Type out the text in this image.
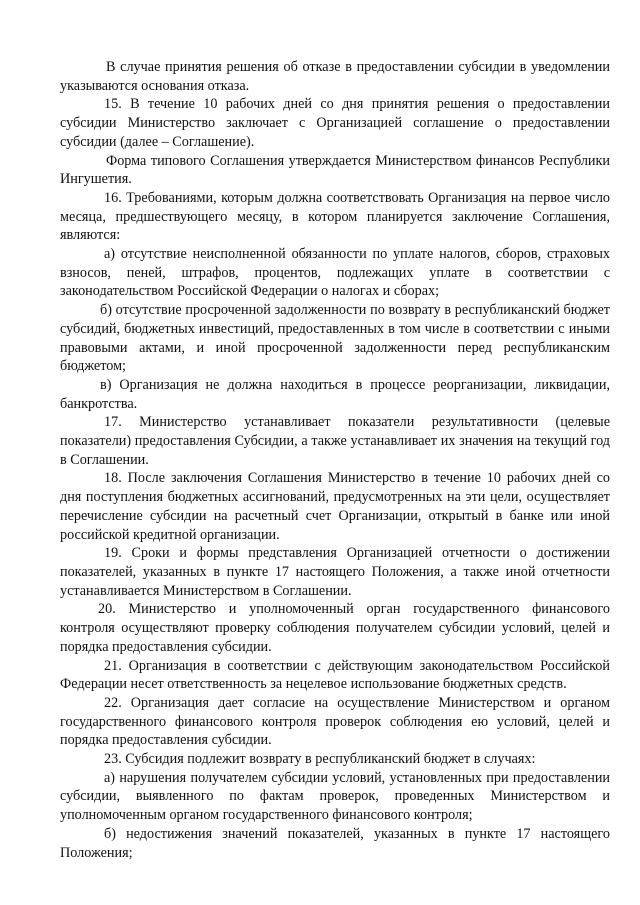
В случае принятия решения об отказе в предоставлении субсидии в уведомлении указываются основания отказа.

15. В течение 10 рабочих дней со дня принятия решения о предоставлении субсидии Министерство заключает с Организацией соглашение о предоставлении субсидии (далее – Соглашение).

Форма типового Соглашения утверждается Министерством финансов Республики Ингушетия.

16. Требованиями, которым должна соответствовать Организация на первое число месяца, предшествующего месяцу, в котором планируется заключение Соглашения, являются:

а) отсутствие неисполненной обязанности по уплате налогов, сборов, страховых взносов, пеней, штрафов, процентов, подлежащих уплате в соответствии с законодательством Российской Федерации о налогах и сборах;

б) отсутствие просроченной задолженности по возврату в республиканский бюджет субсидий, бюджетных инвестиций, предоставленных в том числе в соответствии с иными правовыми актами, и иной просроченной задолженности перед республиканским бюджетом;

в) Организация не должна находиться в процессе реорганизации, ликвидации, банкротства.

17. Министерство устанавливает показатели результативности (целевые показатели) предоставления Субсидии, а также устанавливает их значения на текущий год в Соглашении.

18. После заключения Соглашения Министерство в течение 10 рабочих дней со дня поступления бюджетных ассигнований, предусмотренных на эти цели, осуществляет перечисление субсидии на расчетный счет Организации, открытый в банке или иной российской кредитной организации.

19. Сроки и формы представления Организацией отчетности о достижении показателей, указанных в пункте 17 настоящего Положения, а также иной отчетности устанавливается Министерством в Соглашении.

20. Министерство и уполномоченный орган государственного финансового контроля осуществляют проверку соблюдения получателем субсидии условий, целей и порядка предоставления субсидии.

21. Организация в соответствии с действующим законодательством Российской Федерации несет ответственность за нецелевое использование бюджетных средств.

22. Организация дает согласие на осуществление Министерством и органом государственного финансового контроля проверок соблюдения ею условий, целей и порядка предоставления субсидии.

23. Субсидия подлежит возврату в республиканский бюджет в случаях:

а) нарушения получателем субсидии условий, установленных при предоставлении субсидии, выявленного по фактам проверок, проведенных Министерством и уполномоченным органом государственного финансового контроля;

б) недостижения значений показателей, указанных в пункте 17 настоящего Положения;
